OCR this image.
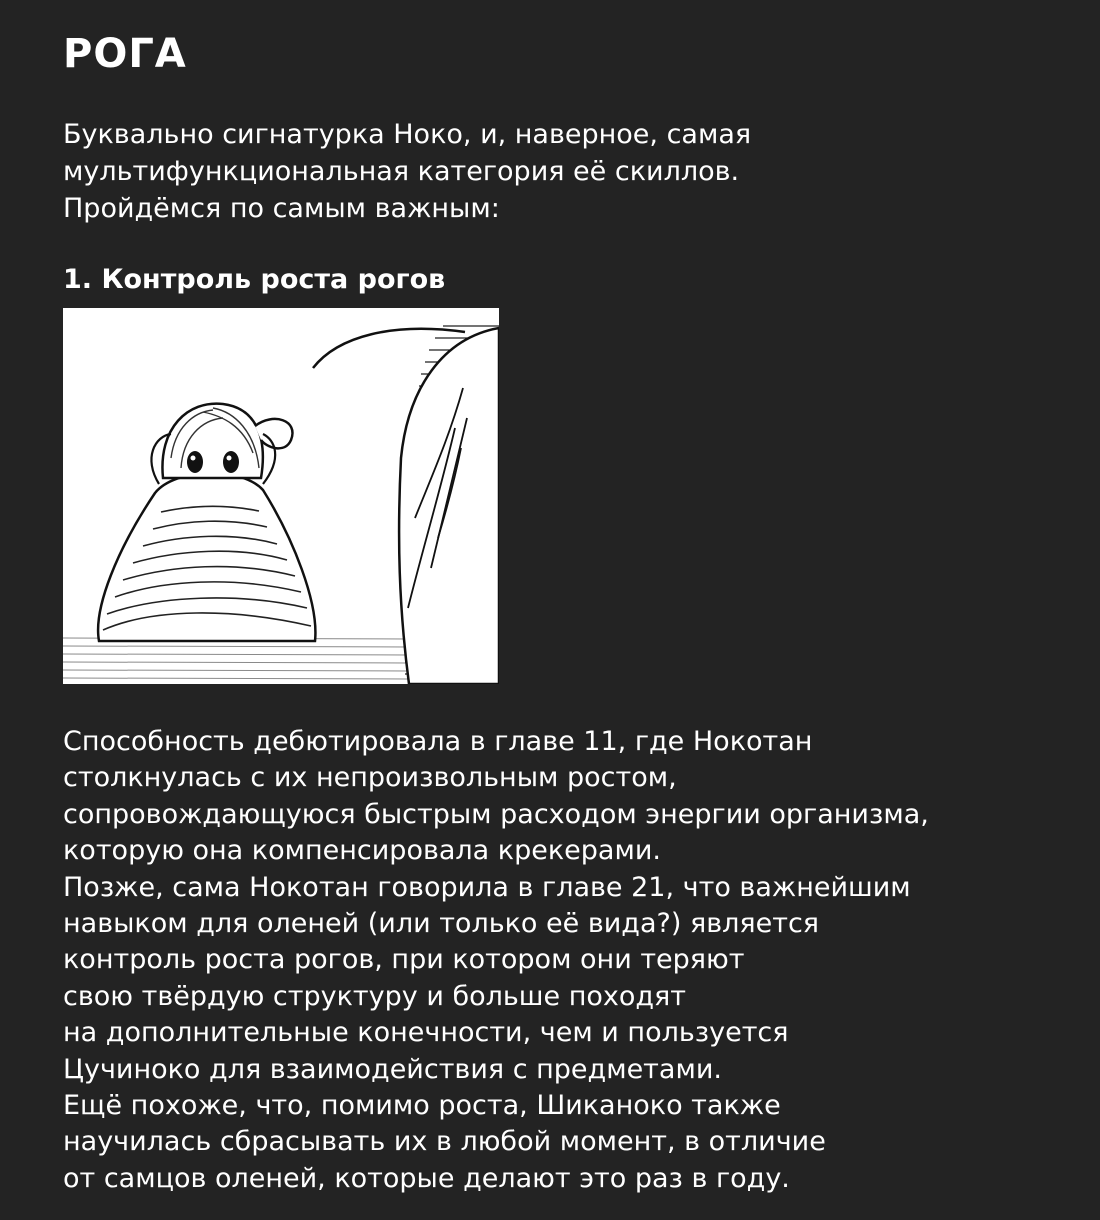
РОГА

Буквально сигнатурка Ноко, и, наверное, самая
мультифункциональная категория её скиллов.
Пройдёмся по самым важным:

1. Контроль роста рогов

Способность дебютировала в главе 11, где Нокотан
столкнулась с их непроизвольным ростом,
сопровождающуюся быстрым расходом энергии организма,
которую она компенсировала крекерами.
Позже, сама Нокотан говорила в главе 21, что важнейшим
навыком для оленей (или только её вида?) является
контроль роста рогов, при котором они теряют
свою твёрдую структуру и больше походят
на дополнительные конечности, чем и пользуется
Цучиноко для взаимодействия с предметами.
Ещё похоже, что, помимо роста, Шиканоко также
научилась сбрасывать их в любой момент, в отличие
от самцов оленей, которые делают это раз в году.
